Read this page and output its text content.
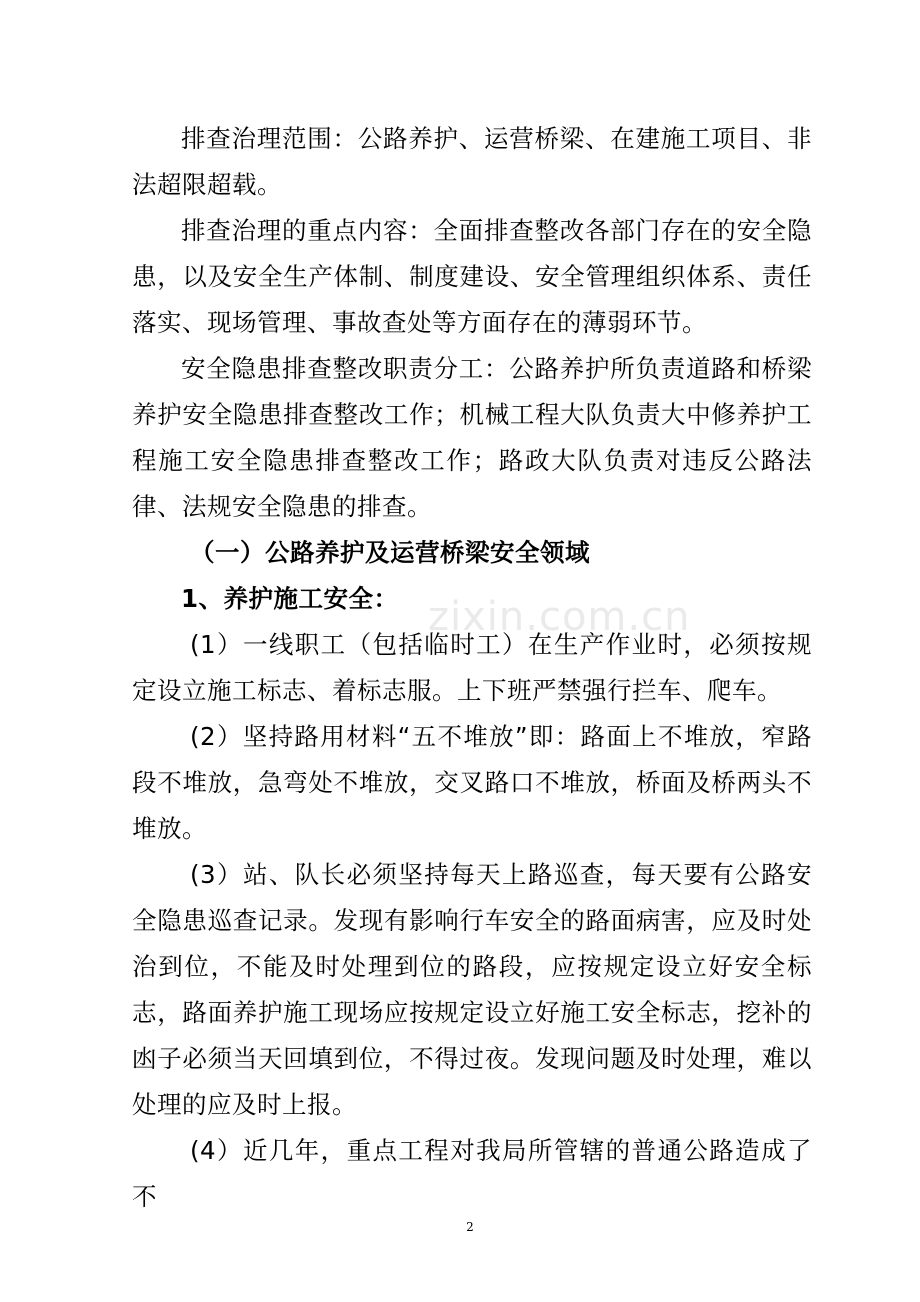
排查治理范围：公路养护、运营桥梁、在建施工项目、非法超限超载。

排查治理的重点内容：全面排查整改各部门存在的安全隐患，以及安全生产体制、制度建设、安全管理组织体系、责任落实、现场管理、事故查处等方面存在的薄弱环节。

安全隐患排查整改职责分工：公路养护所负责道路和桥梁养护安全隐患排查整改工作；机械工程大队负责大中修养护工程施工安全隐患排查整改工作；路政大队负责对违反公路法律、法规安全隐患的排查。

（一）公路养护及运营桥梁安全领域

1、养护施工安全：

(1）一线职工（包括临时工）在生产作业时，必须按规定设立施工标志、着标志服。上下班严禁强行拦车、爬车。

(2）坚持路用材料“五不堆放”即：路面上不堆放，窄路段不堆放，急弯处不堆放，交叉路口不堆放，桥面及桥两头不堆放。

(3）站、队长必须坚持每天上路巡查，每天要有公路安全隐患巡查记录。发现有影响行车安全的路面病害，应及时处治到位，不能及时处理到位的路段，应按规定设立好安全标志，路面养护施工现场应按规定设立好施工安全标志，挖补的凼子必须当天回填到位，不得过夜。发现问题及时处理，难以处理的应及时上报。

(4）近几年，重点工程对我局所管辖的普通公路造成了不

zixin.com.cn
2
